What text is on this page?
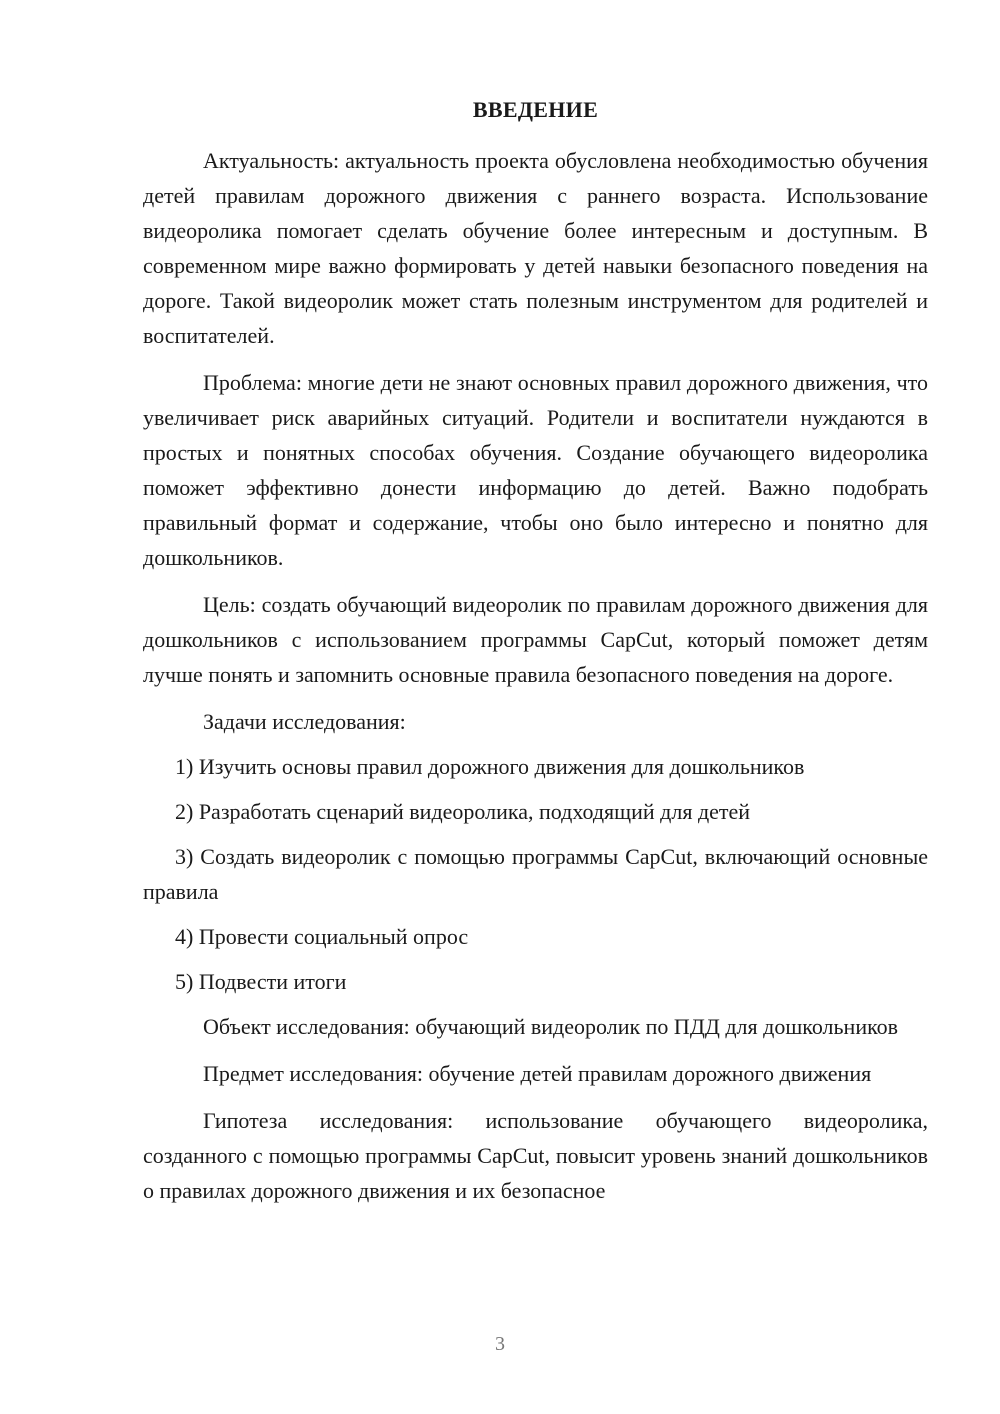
ВВЕДЕНИЕ

Актуальность: актуальность проекта обусловлена необходимостью обучения детей правилам дорожного движения с раннего возраста. Использование видеоролика помогает сделать обучение более интересным и доступным. В современном мире важно формировать у детей навыки безопасного поведения на дороге. Такой видеоролик может стать полезным инструментом для родителей и воспитателей.

Проблема: многие дети не знают основных правил дорожного движения, что увеличивает риск аварийных ситуаций. Родители и воспитатели нуждаются в простых и понятных способах обучения. Создание обучающего видеоролика поможет эффективно донести информацию до детей. Важно подобрать правильный формат и содержание, чтобы оно было интересно и понятно для дошкольников.

Цель: создать обучающий видеоролик по правилам дорожного движения для дошкольников с использованием программы CapCut, который поможет детям лучше понять и запомнить основные правила безопасного поведения на дороге.

Задачи исследования:

1) Изучить основы правил дорожного движения для дошкольников

2) Разработать сценарий видеоролика, подходящий для детей

3) Создать видеоролик с помощью программы CapCut, включающий основные правила

4) Провести социальный опрос

5) Подвести итоги

Объект исследования: обучающий видеоролик по ПДД для дошкольников

Предмет исследования: обучение детей правилам дорожного движения

Гипотеза исследования: использование обучающего видеоролика, созданного с помощью программы CapCut, повысит уровень знаний дошкольников о правилах дорожного движения и их безопасное

3
